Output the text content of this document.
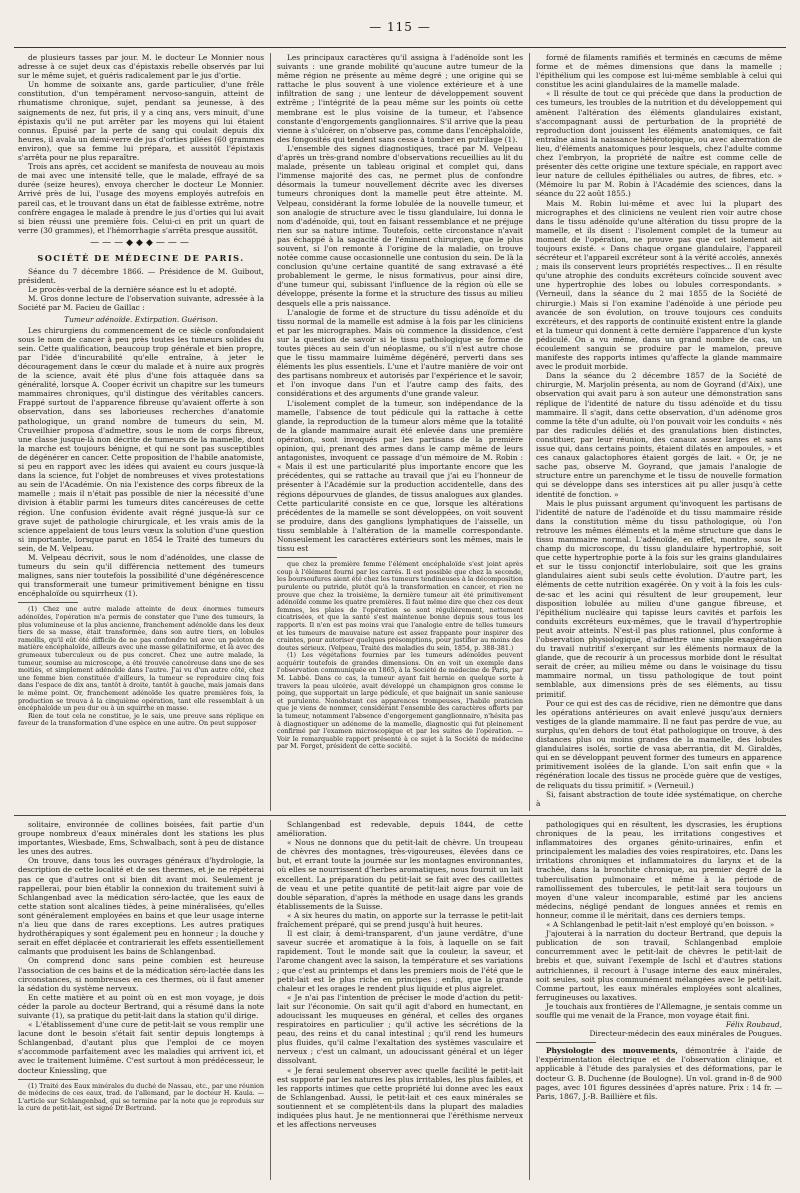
— 115 —

de plusieurs tasses par jour. M. le docteur Le Monnier nous adresse à ce sujet deux cas d'épistaxis rebelle observés par lui sur le même sujet, et guéris radicalement par le jus d'ortie.

Un homme de soixante ans, garde particulier, d'une frêle constitution, d'un tempérament nervoso-sanguin, atteint de rhumatisme chronique, sujet, pendant sa jeunesse, à des saignements de nez, fut pris, il y a cinq ans, vers minuit, d'une épistaxis qu'il ne put arrêter par les moyens qui lui étaient connus. Épuisé par la perte de sang qui coulait depuis dix heures, il avala un demi-verre de jus d'orties pilées (60 grammes environ), que sa femme lui prépara, et aussitôt l'épistaxis s'arrêta pour ne plus reparaître.

Trois ans après, cet accident se manifesta de nouveau au mois de mai avec une intensité telle, que le malade, effrayé de sa durée (seize heures), envoya chercher le docteur Le Monnier. Arrivé près de lui, l'usage des moyens employés autrefois en pareil cas, et le trouvant dans un état de faiblesse extrême, notre confrère engagea le malade à prendre le jus d'orties qui lui avait si bien réussi une première fois. Celui-ci en prit un quart de verre (30 grammes), et l'hémorrhagie s'arrêta presque aussitôt.

———◆◆◆———
SOCIÉTÉ DE MÉDECINE DE PARIS.

Séance du 7 décembre 1866. — Présidence de M. Guibout, président.

Le procès-verbal de la dernière séance est lu et adopté.

M. Gros donne lecture de l'observation suivante, adressée à la Société par M. Facieu de Gaillac :

Tumeur adénoïde. Extirpation. Guérison.

Les chirurgiens du commencement de ce siècle confondaient sous le nom de cancer à peu près toutes les tumeurs solides du sein. Cette qualification, beaucoup trop générale et bien propre, par l'idée d'incurabilité qu'elle entraîne, à jeter le découragement dans le cœur du malade et à nuire aux progrès de la science, avait été plus d'une fois attaquée dans sa généralité, lorsque A. Cooper écrivit un chapitre sur les tumeurs mammaires chroniques, qu'il distingue des véritables cancers. Frappé surtout de l'apparence fibreuse qu'avaient offerte à son observation, dans ses laborieuses recherches d'anatomie pathologique, un grand nombre de tumeurs du sein, M. Cruveilhier proposa d'admettre, sous le nom de corps fibreux, une classe jusque-là non décrite de tumeurs de la mamelle, dont la marche est toujours bénigne, et qui ne sont pas susceptibles de dégénérer en cancer. Cette proposition de l'habile anatomiste, si peu en rapport avec les idées qui avaient eu cours jusque-là dans la science, fut l'objet de nombreuses et vives protestations au sein de l'Académie. On nia l'existence des corps fibreux de la mamelle ; mais il n'était pas possible de nier la nécessité d'une division à établir parmi les tumeurs dites cancéreuses de cette région. Une confusion évidente avait régné jusque-là sur ce grave sujet de pathologie chirurgicale, et les vrais amis de la science appelaient de tous leurs vœux la solution d'une question si importante, lorsque parut en 1854 le Traité des tumeurs du sein, de M. Velpeau.

M. Velpeau décrivit, sous le nom d'adénoïdes, une classe de tumeurs du sein qu'il différencia nettement des tumeurs malignes, sans nier toutefois la possibilité d'une dégénérescence qui transformerait une tumeur primitivement bénigne en tissu encéphaloïde ou squirrheux (1).

(1) Chez une autre malade atteinte de deux énormes tumeurs adénoïdes, l'opération m'a permis de constater que l'une des tumeurs, la plus volumineuse et la plus ancienne, franchement adénoïde dans les deux tiers de sa masse, était transformée, dans son autre tiers, en lobules ramollis, qu'il eût été difficile de ne pas confondre tel avec un peloton de matière encéphaloïde, ailleurs avec une masse gélatiniforme, et là avec des grumeaux tuberculeux ou de pus concret. Chez une autre malade, la tumeur, soumise au microscope, a été trouvée cancéreuse dans une de ses moitiés, et simplement adénoïde dans l'autre. J'ai vu d'un autre côté, chez une femme bien constituée d'ailleurs, la tumeur se reproduire cinq fois dans l'espace de dix ans, tantôt à droite, tantôt à gauche, mais jamais dans le même point. Or, franchement adénoïde les quatre premières fois, la production se trouva à la cinquième opération, tant elle ressemblait à un encéphaloïde un peu dur ou à un squirrhe en masse.

Rien de tout cela ne constitue, je le sais, une preuve sans réplique en faveur de la transformation d'une espèce en une autre. On peut supposer

Les principaux caractères qu'il assigna à l'adénoïde sont les suivants : une grande mobilité qu'aucune autre tumeur de la même région ne présente au même degré ; une origine qui se rattache le plus souvent à une violence extérieure et à une infiltration de sang ; une lenteur de développement souvent extrême ; l'intégrité de la peau même sur les points où cette membrane est le plus voisine de la tumeur, et l'absence constante d'engorgements ganglionnaires. S'il arrive que la peau vienne à s'ulcérer, on n'observe pas, comme dans l'encéphaloïde, des fongosités qui tendent sans cesse à tomber en putrilage (1).

L'ensemble des signes diagnostiques, tracé par M. Velpeau d'après un très-grand nombre d'observations recueillies au lit du malade, présente un tableau original et complet qui, dans l'immense majorité des cas, ne permet plus de confondre désormais la tumeur nouvellement décrite avec les diverses tumeurs chroniques dont la mamelle peut être atteinte. M. Velpeau, considérant la forme lobulée de la nouvelle tumeur, et son analogie de structure avec le tissu glandulaire, lui donna le nom d'adénoïde, qui, tout en faisant ressemblance et ne préjuge rien sur sa nature intime. Toutefois, cette circonstance n'avait pas échappé à la sagacité de l'éminent chirurgien, que le plus souvent, si l'on remonte à l'origine de la maladie, on trouve notée comme cause occasionnelle une contusion du sein. De là la conclusion qu'une certaine quantité de sang extravasé a été probablement le germe, le nisus formativus, pour ainsi dire, d'une tumeur qui, subissant l'influence de la région où elle se développe, présente la forme et la structure des tissus au milieu desquels elle a pris naissance.

L'analogie de forme et de structure du tissu adénoïde et du tissu normal de la mamelle est admise à la fois par les cliniciens et par les micrographes. Mais où commence la dissidence, c'est sur la question de savoir si le tissu pathologique se forme de toutes pièces au sein d'un néoplasme, ou s'il n'est autre chose que le tissu mammaire luimême dégénéré, perverti dans ses éléments les plus essentiels. L'une et l'autre manière de voir ont des partisans nombreux et autorisés par l'expérience et le savoir, et l'on invoque dans l'un et l'autre camp des faits, des considérations et des arguments d'une grande valeur.

L'isolement complet de la tumeur, son indépendance de la mamelle, l'absence de tout pédicule qui la rattache à cette glande, la reproduction de la tumeur alors même que la totalité de la glande mammaire aurait été enlevée dans une première opération, sont invoqués par les partisans de la première opinion, qui, prenant des armes dans le camp même de leurs antagonistes, invoquent ce passage d'un mémoire de M. Robin : « Mais il est une particularité plus importante encore que les précédentes, qui se rattache au travail que j'ai eu l'honneur de présenter à l'Académie sur la production accidentelle, dans des régions dépourvues de glandes, de tissus analogues aux glandes. Cette particularité consiste en ce que, lorsque les altérations précédentes de la mamelle se sont développées, on voit souvent se produire, dans des ganglions lymphatiques de l'aisselle, un tissu semblable à l'altération de la mamelle correspondante. Nonseulement les caractères extérieurs sont les mêmes, mais le tissu est

que chez la première femme l'élément encéphaloïde s'est joint après coup à l'élément fourni par les carrés. Il est possible que chez la seconde, les boursoufures aient été chez les tumeurs tendineuses à la décomposition purulente ou putride, plutôt qu'à la transformation en cancer, et rien ne prouve que chez la troisième, la dernière tumeur ait été primitivement adénoïde comme les quatre premières. Il faut même dire que chez ces deux femmes, les plaies de l'opération se sont régulièrement, nettement cicatrisées, et que la santé s'est maintenue bonne depuis sous tous les rapports. Il n'en est pas moins vrai que l'analogie entre de telles tumeurs et les tumeurs de mauvaise nature est assez frappante pour inspirer des craintes, pour autoriser quelques présomptions, pour justifier au moins des doutes sérieux. (Velpeau, Traité des maladies du sein, 1854, p. 388-381.)

(1) Les végétations fournies par les tumeurs adénoïdes peuvent acquérir toutefois de grandes dimensions. On en voit un exemple dans l'observation communiquée en 1865, à la Société de médecine de Paris, par M. Labbé. Dans ce cas, la tumeur ayant fait hernie en quelque sorte à travers la peau ulcérée, avait développé un champignon gros comme le poing, que supportait un large pédicule, et que baignait un sanie sanieuse et purulente. Nonobstant ces apparences trompeuses, l'habile praticien que je viens de nommer, considérant l'ensemble des caractères offerts par la tumeur, notamment l'absence d'engorgement ganglionnaire, n'hésita pas à diagnostiquer un adénome de la mamelle, diagnostic qui fut pleinement confirmé par l'examen microscopique et par les suites de l'opération. — Voir le remarquable rapport présenté à ce sujet à la Société de médecine par M. Forget, président de cette société.

formé de filaments ramifiés et terminés en cæcums de même forme et de mêmes dimensions que dans la mamelle ; l'épithélium qui les compose est lui-même semblable à celui qui constitue les acini glandulaires de la mamelle malade.

« Il résulte de tout ce qui précède que dans la production de ces tumeurs, les troubles de la nutrition et du développement qui amènent l'altération des éléments glandulaires existant, s'accompagnant aussi de perturbation de la propriété de reproduction dont jouissent les éléments anatomiques, ce fait entraîne ainsi la naissance hétérotopique, ou avec aberration de lieu, d'éléments anatomiques pour lesquels, chez l'adulte comme chez l'embryon, la propriété de naître est comme celle de présenter dès cette origine une texture spéciale, en rapport avec leur nature de cellules épithéliales ou autres, de fibres, etc. » (Mémoire lu par M. Robin à l'Académie des sciences, dans la séance du 22 août 1855.)

Mais M. Robin lui-même et avec lui la plupart des micrographes et des cliniciens ne veulent rien voir autre chose dans le tissu adénoïde qu'une altération du tissu propre de la mamelle, et ils disent : l'isolement complet de la tumeur au moment de l'opération, ne prouve pas que cet isolement ait toujours existé. « Dans chaque organe glandulaire, l'appareil sécréteur et l'appareil excréteur sont à la vérité accolés, annexés ; mais ils conservent leurs propriétés respectives... Il en résulte qu'une atrophie des conduits excréteurs coïncide souvent avec une hypertrophie des lobes ou lobules correspondants. » (Verneuil, dans la séance du 2 mai 1855 de la Société de chirurgie.) Mais si l'on examine l'adénoïde à une période peu avancée de son évolution, on trouve toujours ces conduits excréteurs, et des rapports de continuité existent entre la glande et la tumeur qui donnent à cette dernière l'apparence d'un kyste pédiculé. On a vu même, dans un grand nombre de cas, un écoulement sanguin se produire par le mamelon, preuve manifeste des rapports intimes qu'affecte la glande mammaire avec le produit morbide.

Dans la séance du 2 décembre 1857 de la Société de chirurgie, M. Marjolin présenta, au nom de Goyrand (d'Aix), une observation qui avait paru à son auteur une démonstration sans réplique de l'identité de nature du tissu adénoïde et du tissu mammaire. Il s'agit, dans cette observation, d'un adénome gros comme la tête d'un adulte, où l'on pouvait voir les conduits « nés par des radicules déliés et des granulations bien distinctes, constituer, par leur réunion, des canaux assez larges et sans issue qui, dans certains points, étaient dilatés en ampoules, » et ces canaux galactophores étaient gorgés de lait. « Or, je ne sache pas, observe M. Goyrand, que jamais l'analogie de structure entre un parenchyme et le tissu de nouvelle formation qui se développe dans ses interstices ait pu aller jusqu'à cette identité de fonction. »

Mais le plus puissant argument qu'invoquent les partisans de l'identité de nature de l'adénoïde et du tissu mammaire réside dans la constitution même du tissu pathologique, où l'on retrouve les mêmes éléments et la même structure que dans le tissu mammaire normal. L'adénoïde, en effet, montre, sous le champ du microscope, du tissu glandulaire hypertrophié, soit que cette hypertrophie porte à la fois sur les grains glandulaires et sur le tissu conjonctif interlobulaire, soit que les grains glandulaires aient subi seuls cette évolution. D'autre part, les éléments de cette nutrition exagérée. On y voit à la fois les culs-de-sac et les acini qui résultent de leur groupement, leur disposition lobulée au milieu d'une gangue fibreuse, et l'épithélium nucléaire qui tapisse leurs cavités et parfois les conduits excréteurs eux-mêmes, que le travail d'hypertrophie peut avoir atteints. N'est-il pas plus rationnel, plus conforme à l'observation physiologique, d'admettre une simple exagération du travail nutritif s'exerçant sur les éléments normaux de la glande, que de recourir à un processus morbide dont le résultat serait de créer, au milieu même ou dans le voisinage du tissu mammaire normal, un tissu pathologique de tout point semblable, aux dimensions près de ses éléments, au tissu primitif.

Pour ce qui est des cas de récidive, rien ne démontre que dans les opérations antérieures on avait enlevé jusqu'aux derniers vestiges de la glande mammaire. Il ne faut pas perdre de vue, au surplus, qu'en dehors de tout état pathologique on trouve, à des distances plus ou moins grandes de la mamelle, des lobules glandulaires isolés, sortie de vasa aberrantia, dit M. Giraldès, qui en se développant peuvent former des tumeurs en apparence primitivement isolées de la glande. L'on sait enfin que « la régénération locale des tissus ne procède guère que de vestiges, de reliquats du tissu primitif. » (Verneuil.)

Si, faisant abstraction de toute idée systématique, on cherche à

solitaire, environnée de collines boisées, fait partie d'un groupe nombreux d'eaux minérales dont les stations les plus importantes, Wiesbade, Ems, Schwalbach, sont à peu de distance les unes des autres.

On trouve, dans tous les ouvrages généraux d'hydrologie, la description de cette localité et de ses thermes, et je ne répéterai pas ce que d'autres ont si bien dit avant moi. Seulement je rappellerai, pour bien établir la connexion du traitement suivi à Schlangenbad avec la médication séro-lactée, que les eaux de cette station sont alcalines tièdes, à peine minéralisées, qu'elles sont généralement employées en bains et que leur usage interne n'a lieu que dans de rares exceptions. Les autres pratiques hydrothérapiques y sont également peu en honneur ; la douche y serait en effet déplacée et contrarierait les effets essentiellement calmants que produisent les bains de Schlangenbad.

On comprend donc sans peine combien est heureuse l'association de ces bains et de la médication séro-lactée dans les circonstances, si nombreuses en ces thermes, où il faut amener la sédation du système nerveux.

En cette matière et au point où en est mon voyage, je dois céder la parole au docteur Bertrand, qui a résumé dans la note suivante (1), sa pratique du petit-lait dans la station qu'il dirige.

« L'établissement d'une cure de petit-lait se vous remplir une lacune dont le besoin s'était fait sentir depuis longtemps à Schlangenbad, d'autant plus que l'emploi de ce moyen s'accommode parfaitement avec les maladies qui arrivent ici, et avec le traitement luimême. C'est surtout à mon prédécesseur, le docteur Kniessling, que

(1) Traité des Eaux minérales du duché de Nassau, etc., par une réunion de médecins de ces eaux, trad. de l'allemand, par le docteur H. Kaula. — L'article sur Schlangenbad, qui se termine par la note que je reproduis sur la cure de petit-lait, est signé Dr Bertrand.

Schlangenbad est redevable, depuis 1844, de cette amélioration.

« Nous ne donnons que du petit-lait de chèvre. Un troupeau de chèvres des montagnes, très-vigoureuses, élevées dans ce but, et errant toute la journée sur les montagnes environnantes, où elles se nourrissent d'herbes aromatiques, nous fournit un lait excellent. La préparation du petit-lait se fait avec des caillettes de veau et une petite quantité de petit-lait aigre par voie de double séparation, d'après la méthode en usage dans les grands établissements de la Suisse.

« A six heures du matin, on apporte sur la terrasse le petit-lait fraîchement préparé, qui se prend jusqu'à huit heures.

Il est clair, à demi-transparent, d'un jaune verdâtre, d'une saveur sucrée et aromatique à la fois, à laquelle on se fait rapidement. Tout le monde sait que la couleur, la saveur, et l'arome changent avec la saison, la température et ses variations ; que c'est au printemps et dans les premiers mois de l'été que le petit-lait est le plus riche en principes ; enfin, que la grande chaleur et les orages le rendent plus liquide et plus aigrelet.

« Je n'ai pas l'intention de préciser le mode d'action du petit-lait sur l'économie. On sait qu'il agit d'abord en humectant, en adoucissant les muqueuses en général, et celles des organes respiratoires en particulier ; qu'il active les sécrétions de la peau, des reins et du canal intestinal ; qu'il rend les humeurs plus fluides, qu'il calme l'exaltation des systèmes vasculaire et nerveux ; c'est un calmant, un adoucissant général et un léger dissolvant.

« Je ferai seulement observer avec quelle facilité le petit-lait est supporté par les natures les plus irritables, les plus faibles, et les rapports intimes que cette propriété lui donne avec les eaux de Schlangenbad. Aussi, le petit-lait et ces eaux minérales se soutiennent et se complètent-ils dans la plupart des maladies indiquées plus haut. Je ne mentionnerai que l'éréthisme nerveux et les affections nerveuses

pathologiques qui en résultent, les dyscrasies, les éruptions chroniques de la peau, les irritations congestives et inflammatoires des organes génito-urinaires, enfin et principalement les maladies des voies respiratoires, etc. Dans les irritations chroniques et inflammatoires du larynx et de la trachée, dans la bronchite chronique, au premier degré de la tuberculisation pulmonaire et même à la période de ramollissement des tubercules, le petit-lait sera toujours un moyen d'une valeur incomparable, estimé par les anciens médecins, négligé pendant de longues années et remis en honneur, comme il le méritait, dans ces derniers temps.

« A Schlangenbad le petit-lait n'est employé qu'en boisson. »

J'ajouterai à la narration du docteur Bertrand, que depuis la publication de son travail, Schlangenbad emploie concurremment avec le petit-lait de chèvres le petit-lait de brebis et que, suivant l'exemple de Ischl et d'autres stations autrichiennes, il recourt à l'usage interne des eaux minérales, soit seules, soit plus communément mélangées avec le petit-lait. Comme partout, les eaux minérales employées sont alcalines, ferrugineuses ou laxatives.

Je touchais aux frontières de l'Allemagne, je sentais comme un souffle qui me venait de la France, mon voyage était fini.

Félix Roubaud,
Directeur-médecin des eaux minérales de Pougues.

Physiologie des mouvements, démontrée à l'aide de l'expérimentation électrique et de l'observation clinique, et applicable à l'étude des paralysies et des déformations, par le docteur G. B. Duchenne (de Boulogne). Un vol. grand in-8 de 900 pages, avec 101 figures dessinées d'après nature. Prix : 14 fr. — Paris, 1867, J.-B. Baillière et fils.
